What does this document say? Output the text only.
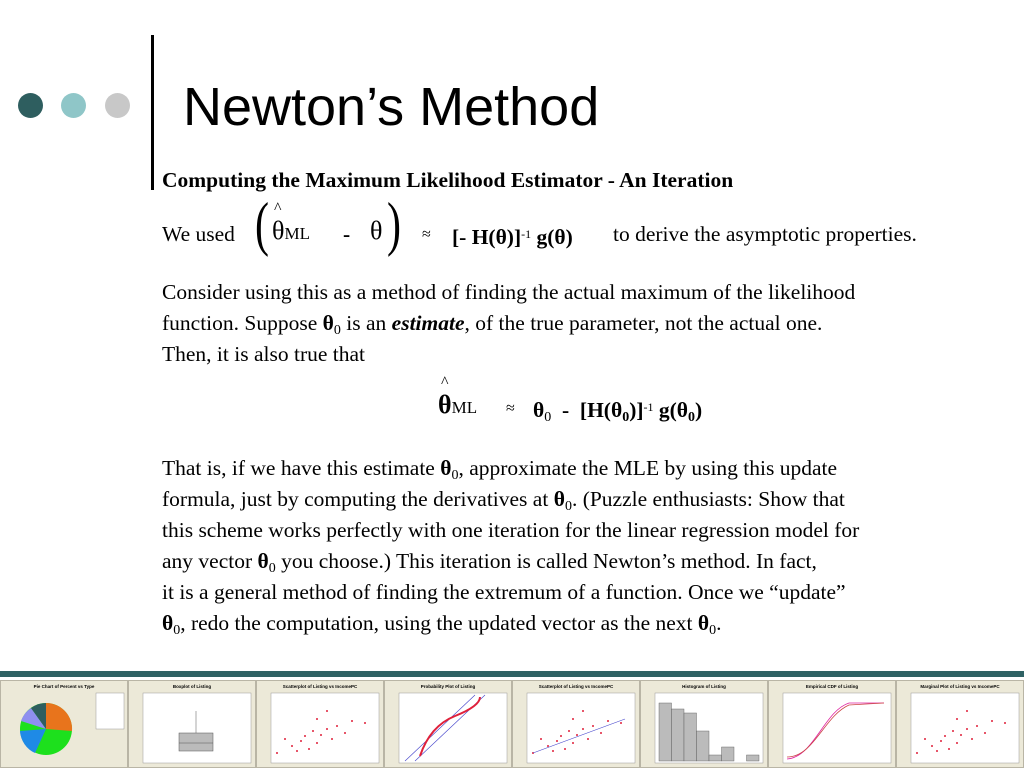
Newton’s Method
Computing the Maximum Likelihood Estimator - An Iteration
We used ( ^
θML - θ ) ≈ [- H(θ)]$^{-1}$ g(θ) to derive the asymptotic properties.
^
$\theta ML \approx \theta_0 - [H(\theta_0)]^{-1}$ $g(\theta_0)$
Consider using this as a method of finding the actual maximum of the likelihood
function. Suppose $\theta_0$ is an estimate, of the true parameter, not the actual one.
Then, it is also true that
That is, if we have this estimate $\theta_0$, approximate the MLE by using this update
formula, just by computing the derivatives at $\theta_0$. (Puzzle enthusiasts: Show that
this scheme works perfectly with one iteration for the linear regression model for
any vector $\theta_0$ you choose.) This iteration is called Newton’s method. In fact,
it is a general method of finding the extremum of a function. Once we “update”
$\theta_0$, redo the computation, using the updated vector as the next $\theta_0$.
Pie Chart of Percent vs Type	Boxplot of Listing	Scatterplot of Listing vs IncomePC	Probability Plot of Listing	Scatterplot of Listing vs IncomePC	Histogram of Listing	Empirical CDF of Listing	Marginal Plot of Listing vs IncomePC
